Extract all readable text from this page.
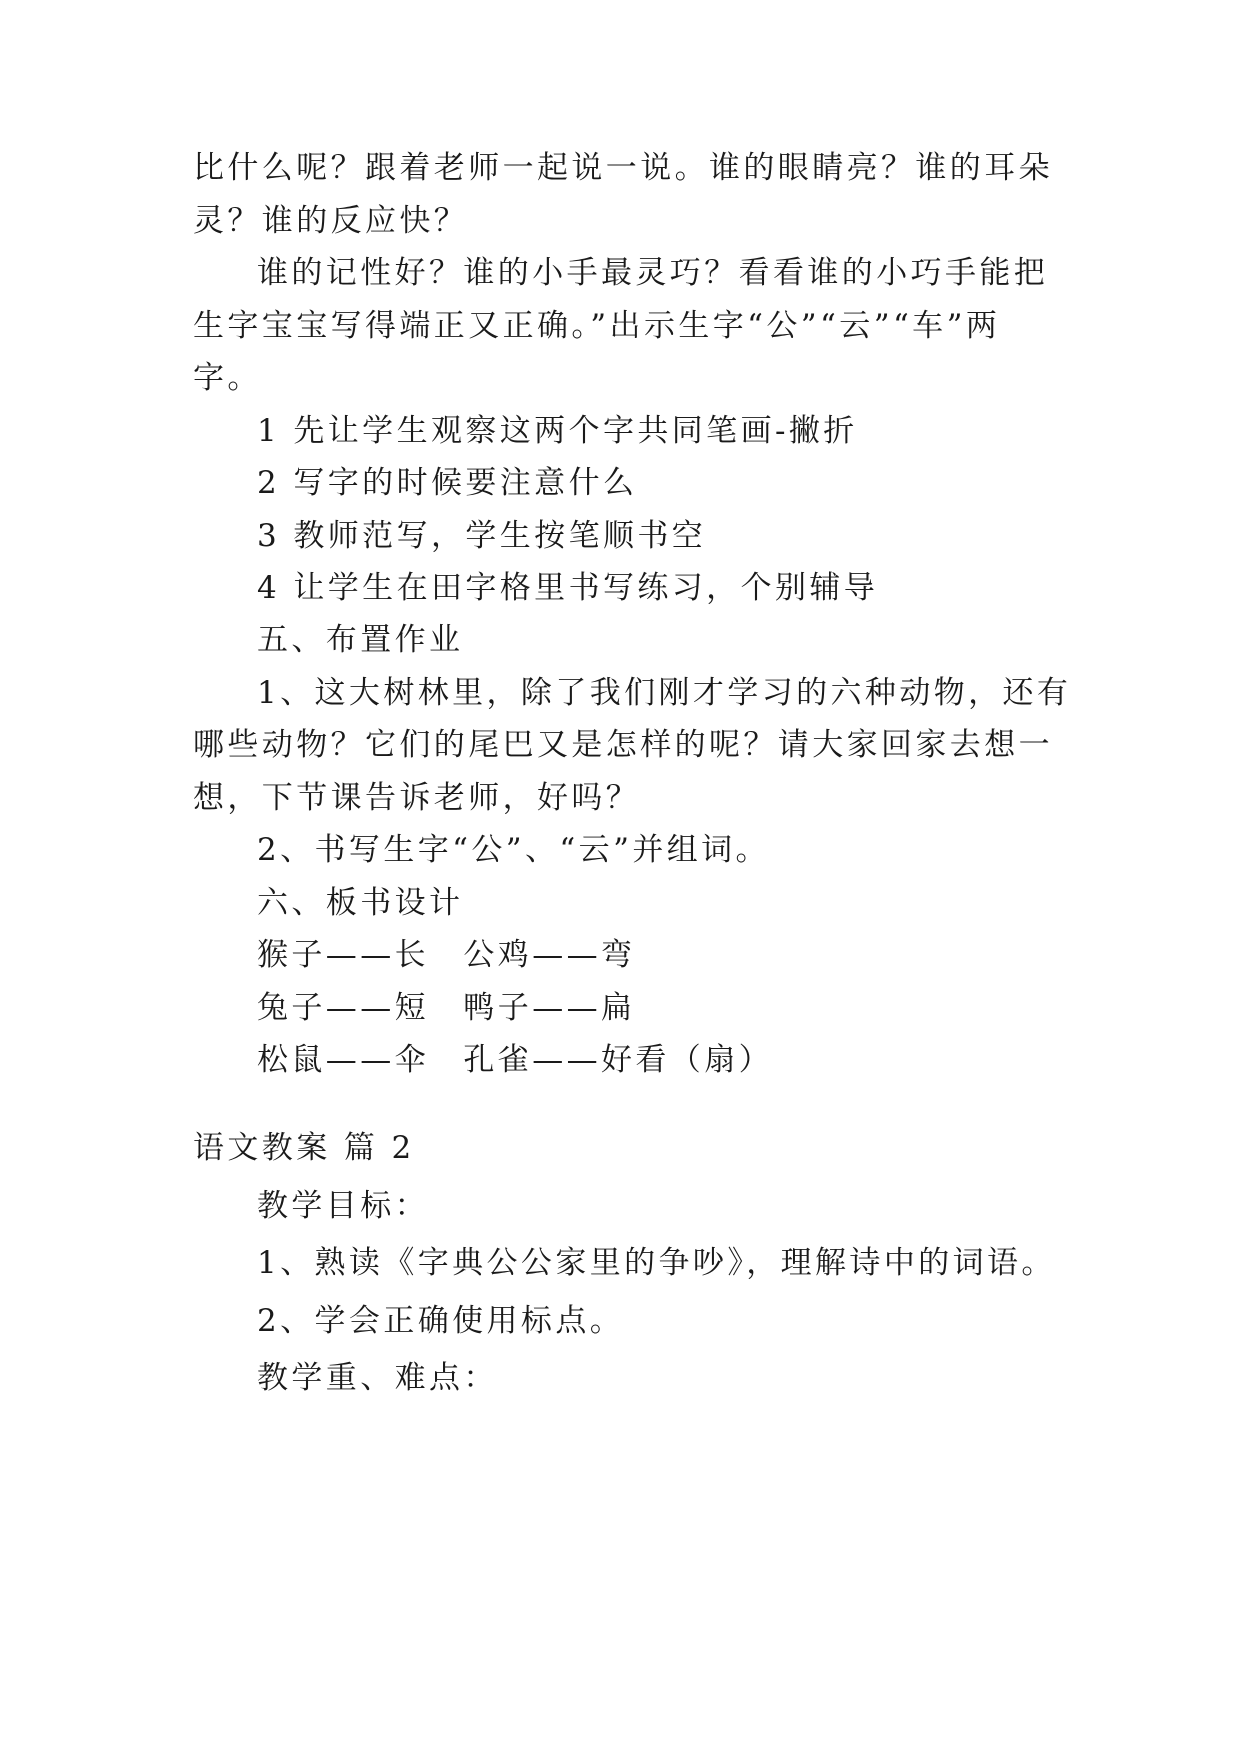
比什么呢？跟着老师一起说一说。谁的眼睛亮？谁的耳朵
灵？谁的反应快？
谁的记性好？谁的小手最灵巧？看看谁的小巧手能把
生字宝宝写得端正又正确。”出示生字“公”“云”“车”两
字。
1 先让学生观察这两个字共同笔画-撇折
2 写字的时候要注意什么
3 教师范写，学生按笔顺书空
4 让学生在田字格里书写练习，个别辅导
五、布置作业
1、这大树林里，除了我们刚才学习的六种动物，还有
哪些动物？它们的尾巴又是怎样的呢？请大家回家去想一
想，下节课告诉老师，好吗？
2、书写生字“公”、“云”并组词。
六、板书设计
猴子——长　公鸡——弯
兔子——短　鸭子——扁
松鼠——伞　孔雀——好看（扇）
语文教案 篇 2
教学目标：
1、熟读《字典公公家里的争吵》，理解诗中的词语。
2、学会正确使用标点。
教学重、难点：
